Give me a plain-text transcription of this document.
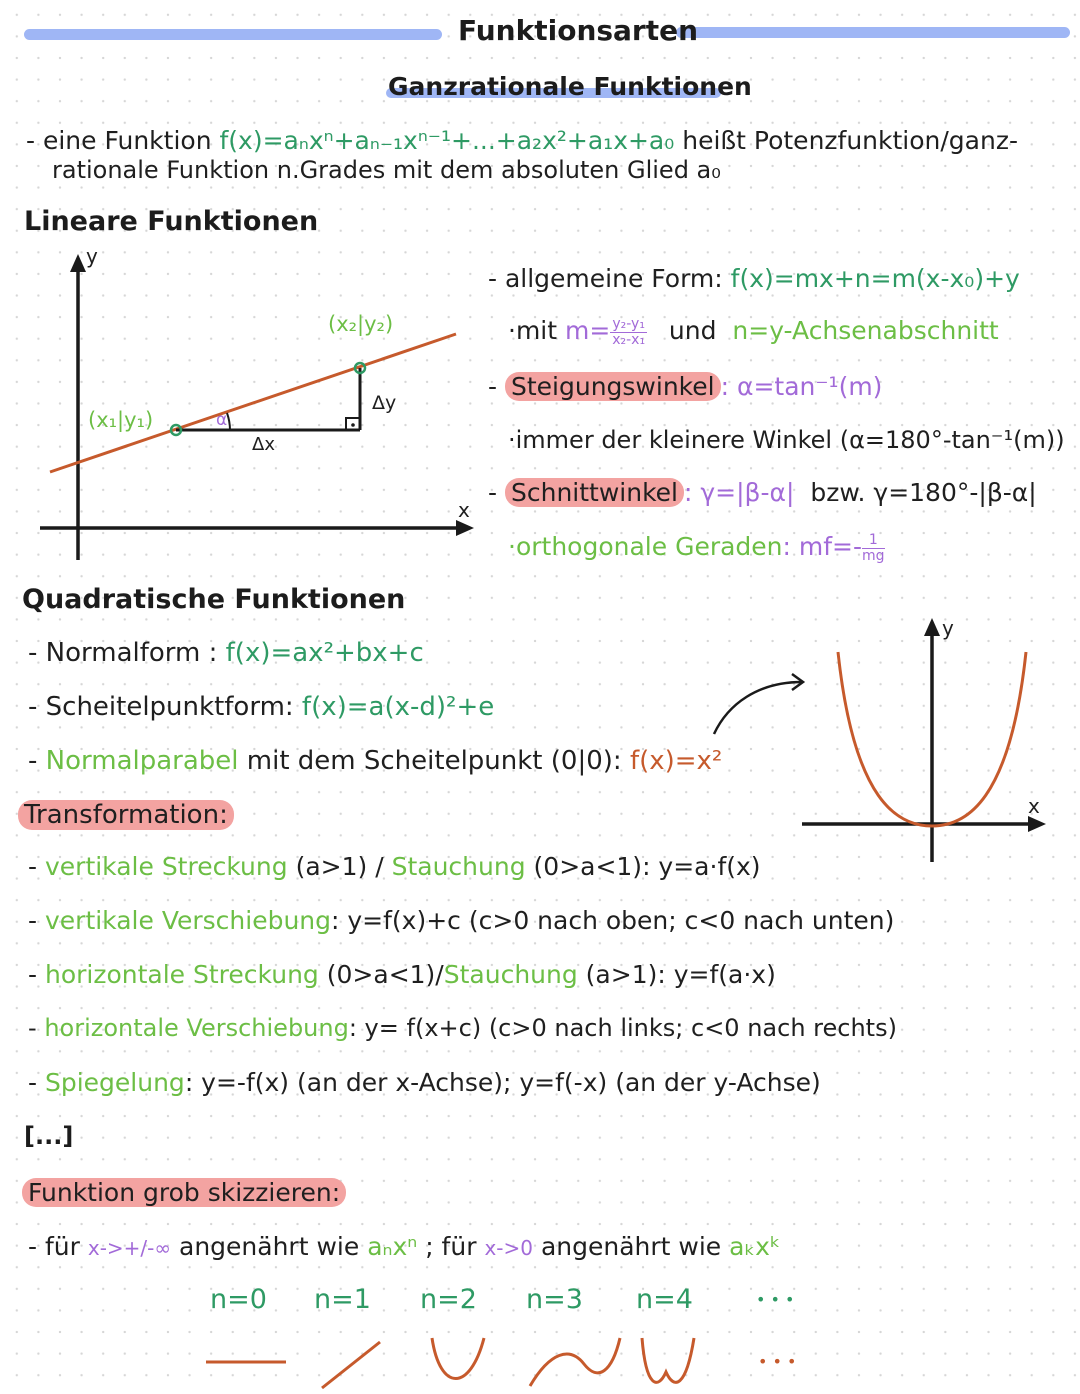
Funktionsarten
Ganzrationale Funktionen
- eine Funktion f(x)=aₙxⁿ+aₙ₋₁xⁿ⁻¹+...+a₂x²+a₁x+a₀ heißt Potenzfunktion/ganz-
rationale Funktion n.Grades mit dem absoluten Glied a₀
Lineare Funktionen
y
x
(x₁|y₁)
(x₂|y₂)
α
Δx
Δy
- allgemeine Form: f(x)=mx+n=m(x-x₀)+y
·mit $m= \frac{\text{y₂-y₁}}{\text{x₂-x₁}}$ und n=y-Achsenabschnitt
- Steigungswinkel : α=tan⁻¹(m)
·immer der kleinere Winkel (α=180°-tan⁻¹(m))
- Schnittwinkel : γ=|β-α| bzw. γ=180°-|β-α|
·orthogonale Geraden: $mf=- \frac{1}{mg}$
Quadratische Funktionen
- Normalform : f(x)=ax²+bx+c
- Scheitelpunktform: f(x)=a(x-d)²+e
- Normalparabel mit dem Scheitelpunkt (0|0): f(x)=x²
y
x
Transformation:
- vertikale Streckung (a>1) / Stauchung (0>a<1): y=a·f(x)
- vertikale Verschiebung: y=f(x)+c (c>0 nach oben; c<0 nach unten)
- horizontale Streckung (0>a<1)/Stauchung (a>1): y=f(a·x)
- horizontale Verschiebung: y= f(x+c) (c>0 nach links; c<0 nach rechts)
- Spiegelung: y=-f(x) (an der x-Achse); y=f(-x) (an der y-Achse)
[...]
Funktion grob skizzieren:
- für x->+/-∞ angenährt wie aₙxⁿ ; für x->0 angenährt wie aₖxᵏ
n=0 n=1 n=2 n=3 n=4	• • •
• • •
